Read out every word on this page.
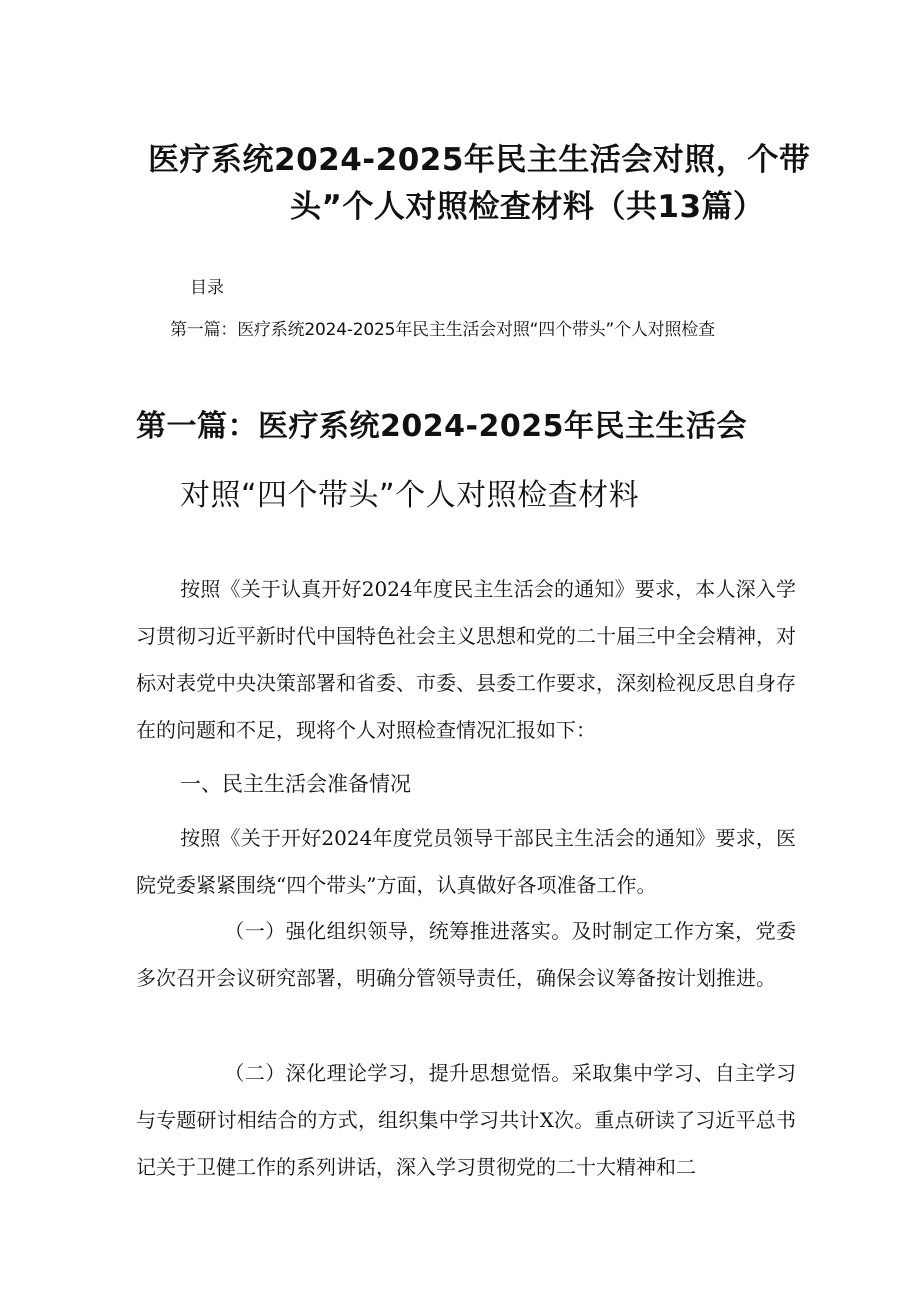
医疗系统2024-2025年民主生活会对照，个带
头”个人对照检查材料（共13篇）
目录
第一篇：医疗系统2024-2025年民主生活会对照“四个带头”个人对照检查
第一篇：医疗系统2024-2025年民主生活会
对照“四个带头”个人对照检查材料

按照《关于认真开好2024年度民主生活会的通知》要求，本人深入学习贯彻习近平新时代中国特色社会主义思想和党的二十届三中全会精神，对标对表党中央决策部署和省委、市委、县委工作要求，深刻检视反思自身存在的问题和不足，现将个人对照检查情况汇报如下：

一、民主生活会准备情况

按照《关于开好2024年度党员领导干部民主生活会的通知》要求，医院党委紧紧围绕“四个带头”方面，认真做好各项准备工作。

（一）强化组织领导，统筹推进落实。及时制定工作方案，党委多次召开会议研究部署，明确分管领导责任，确保会议筹备按计划推进。

（二）深化理论学习，提升思想觉悟。采取集中学习、自主学习与专题研讨相结合的方式，组织集中学习共计X次。重点研读了习近平总书记关于卫健工作的系列讲话，深入学习贯彻党的二十大精神和二
